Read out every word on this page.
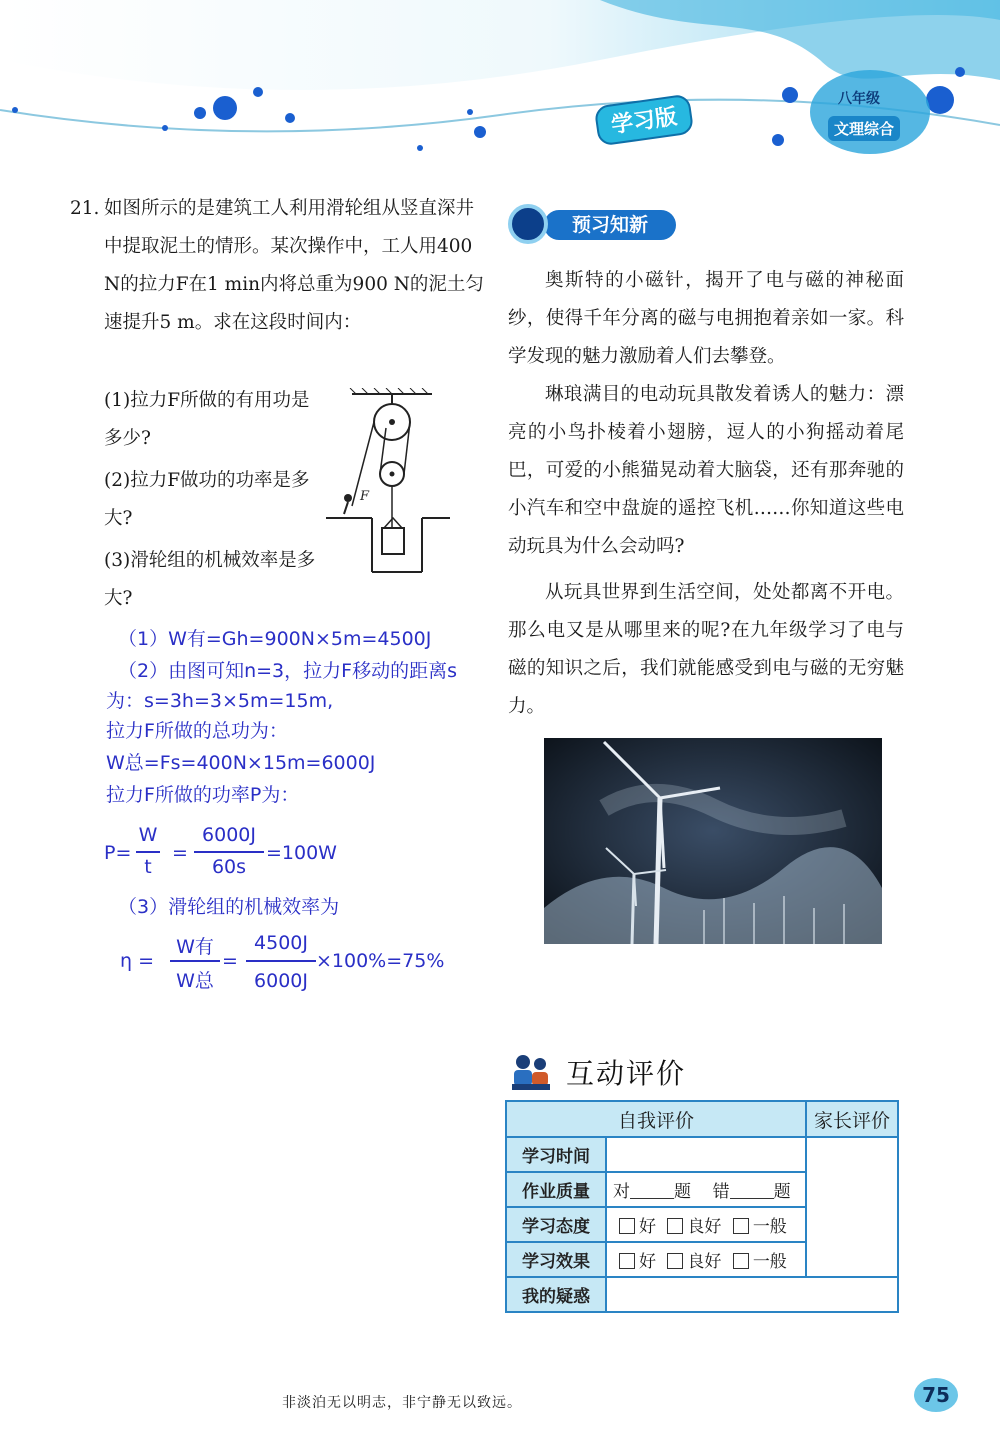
学习版
八年级
文理综合
21. 如图所示的是建筑工人利用滑轮组从竖直深井中提取泥土的情形。某次操作中，工人用400 N的拉力F在1 min内将总重为900 N的泥土匀速提升5 m。求在这段时间内：
(1)拉力F所做的有用功是多少?
(2)拉力F做功的功率是多大?
(3)滑轮组的机械效率是多大?
F
（1）W有=Gh=900N×5m=4500J
（2）由图可知n=3，拉力F移动的距离s
为：s=3h=3×5m=15m,
拉力F所做的总功为：
W总=Fs=400N×15m=6000J
拉力F所做的功率P为：
P=
W
t
=
6000J
60s
=100W
（3）滑轮组的机械效率为
η =
W有
W总
=
4500J
6000J
×100%=75%
预习知新

奥斯特的小磁针，揭开了电与磁的神秘面纱，使得千年分离的磁与电拥抱着亲如一家。科学发现的魅力激励着人们去攀登。

琳琅满目的电动玩具散发着诱人的魅力：漂亮的小鸟扑棱着小翅膀，逗人的小狗摇动着尾巴，可爱的小熊猫晃动着大脑袋，还有那奔驰的小汽车和空中盘旋的遥控飞机……你知道这些电动玩具为什么会动吗?

从玩具世界到生活空间，处处都离不开电。那么电又是从哪里来的呢?在九年级学习了电与磁的知识之后，我们就能感受到电与磁的无穷魅力。

互动评价
自我评价		家长评价
学习时间		
作业质量	对 题 错 题	
学习态度	好 良好 一般	
学习效果	好 良好 一般	
我的疑惑		
非淡泊无以明志，非宁静无以致远。	75
